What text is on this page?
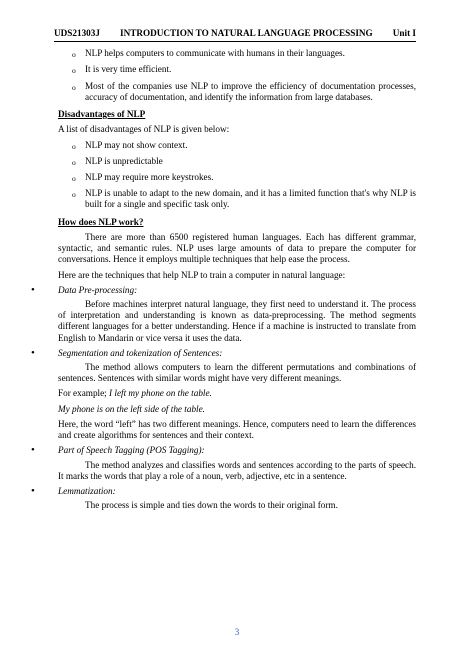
UDS21303J	INTRODUCTION TO NATURAL LANGUAGE PROCESSING	Unit I
o NLP helps computers to communicate with humans in their languages.
o It is very time efficient.
o Most of the companies use NLP to improve the efficiency of documentation processes, accuracy of documentation, and identify the information from large databases.
Disadvantages of NLP

A list of disadvantages of NLP is given below:

o NLP may not show context.
o NLP is unpredictable
o NLP may require more keystrokes.
o NLP is unable to adapt to the new domain, and it has a limited function that's why NLP is built for a single and specific task only.
How does NLP work?

There are more than 6500 registered human languages. Each has different grammar, syntactic, and semantic rules. NLP uses large amounts of data to prepare the computer for conversations. Hence it employs multiple techniques that help ease the process.

Here are the techniques that help NLP to train a computer in natural language:

• Data Pre-processing:

Before machines interpret natural language, they first need to understand it. The process of interpretation and understanding is known as data-preprocessing. The method segments different languages for a better understanding. Hence if a machine is instructed to translate from English to Mandarin or vice versa it uses the data.

• Segmentation and tokenization of Sentences:

The method allows computers to learn the different permutations and combinations of sentences. Sentences with similar words might have very different meanings.

For example; I left my phone on the table.

My phone is on the left side of the table.

Here, the word “left” has two different meanings. Hence, computers need to learn the differences and create algorithms for sentences and their context.

• Part of Speech Tagging (POS Tagging):

The method analyzes and classifies words and sentences according to the parts of speech. It marks the words that play a role of a noun, verb, adjective, etc in a sentence.

• Lemmatization:

The process is simple and ties down the words to their original form.

3
